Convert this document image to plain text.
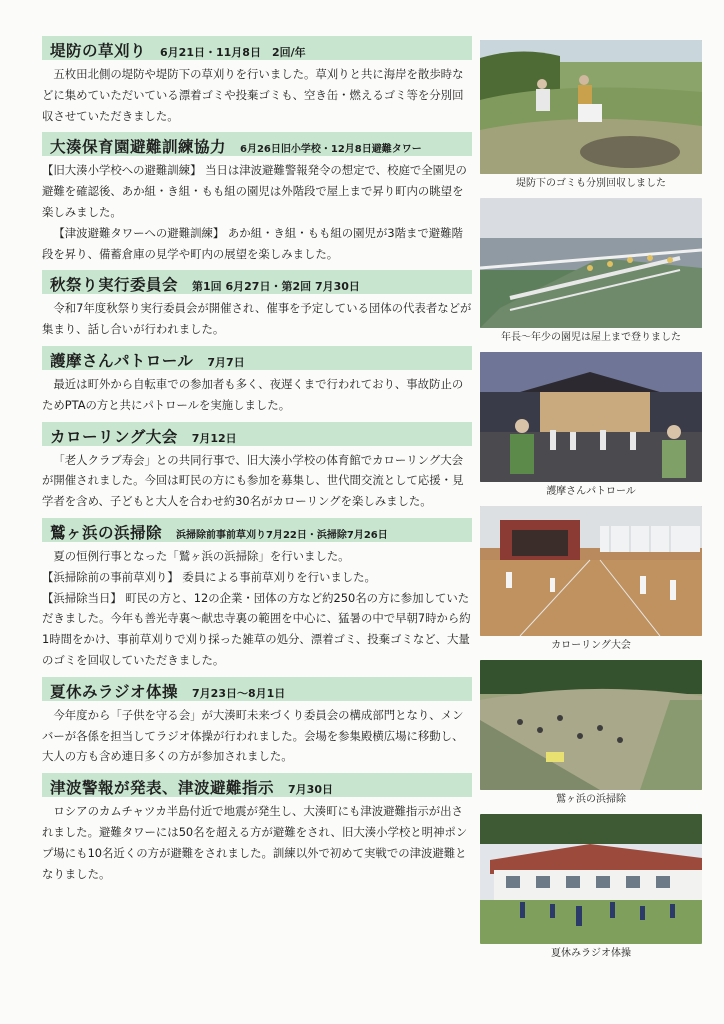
堤防の草刈り 6月21日・11月8日　2回/年

五枚田北側の堤防や堤防下の草刈りを行いました。草刈りと共に海岸を散歩時などに集めていただいている漂着ゴミや投棄ゴミも、空き缶・燃えるゴミ等を分別回収させていただきました。

大湊保育園避難訓練協力 6月26日旧小学校・12月8日避難タワー

【旧大湊小学校への避難訓練】 当日は津波避難警報発令の想定で、校庭で全園児の避難を確認後、あか組・き組・もも組の園児は外階段で屋上まで昇り町内の眺望を楽しみました。

【津波避難タワーへの避難訓練】 あか組・き組・もも組の園児が3階まで避難階段を昇り、備蓄倉庫の見学や町内の展望を楽しみました。

秋祭り実行委員会 第1回 6月27日・第2回 7月30日

令和7年度秋祭り実行委員会が開催され、催事を予定している団体の代表者などが集まり、話し合いが行われました。

護摩さんパトロール 7月7日

最近は町外から自転車での参加者も多く、夜遅くまで行われており、事故防止のためPTAの方と共にパトロールを実施しました。

カローリング大会 7月12日

「老人クラブ寿会」との共同行事で、旧大湊小学校の体育館でカローリング大会が開催されました。今回は町民の方にも参加を募集し、世代間交流として応援・見学者を含め、子どもと大人を合わせ約30名がカローリングを楽しみました。

鷲ヶ浜の浜掃除 浜掃除前事前草刈り7月22日・浜掃除7月26日

夏の恒例行事となった「鷲ヶ浜の浜掃除」を行いました。

【浜掃除前の事前草刈り】 委員による事前草刈りを行いました。

【浜掃除当日】 町民の方と、12の企業・団体の方など約250名の方に参加していただきました。今年も善光寺裏～献忠寺裏の範囲を中心に、猛暑の中で早朝7時から約1時間をかけ、事前草刈りで刈り採った雑草の処分、漂着ゴミ、投棄ゴミなど、大量のゴミを回収していただきました。

夏休みラジオ体操 7月23日～8月1日

今年度から「子供を守る会」が大湊町未来づくり委員会の構成部門となり、メンバーが各係を担当してラジオ体操が行われました。会場を参集殿横広場に移動し、大人の方も含め連日多くの方が参加されました。

津波警報が発表、津波避難指示 7月30日

ロシアのカムチャツカ半島付近で地震が発生し、大湊町にも津波避難指示が出されました。避難タワーには50名を超える方が避難をされ、旧大湊小学校と明神ポンプ場にも10名近くの方が避難をされました。訓練以外で初めて実戦での津波避難となりました。

堤防下のゴミも分別回収しました

年長～年少の園児は屋上まで登りました

護摩さんパトロール

カローリング大会

鷲ヶ浜の浜掃除

夏休みラジオ体操
